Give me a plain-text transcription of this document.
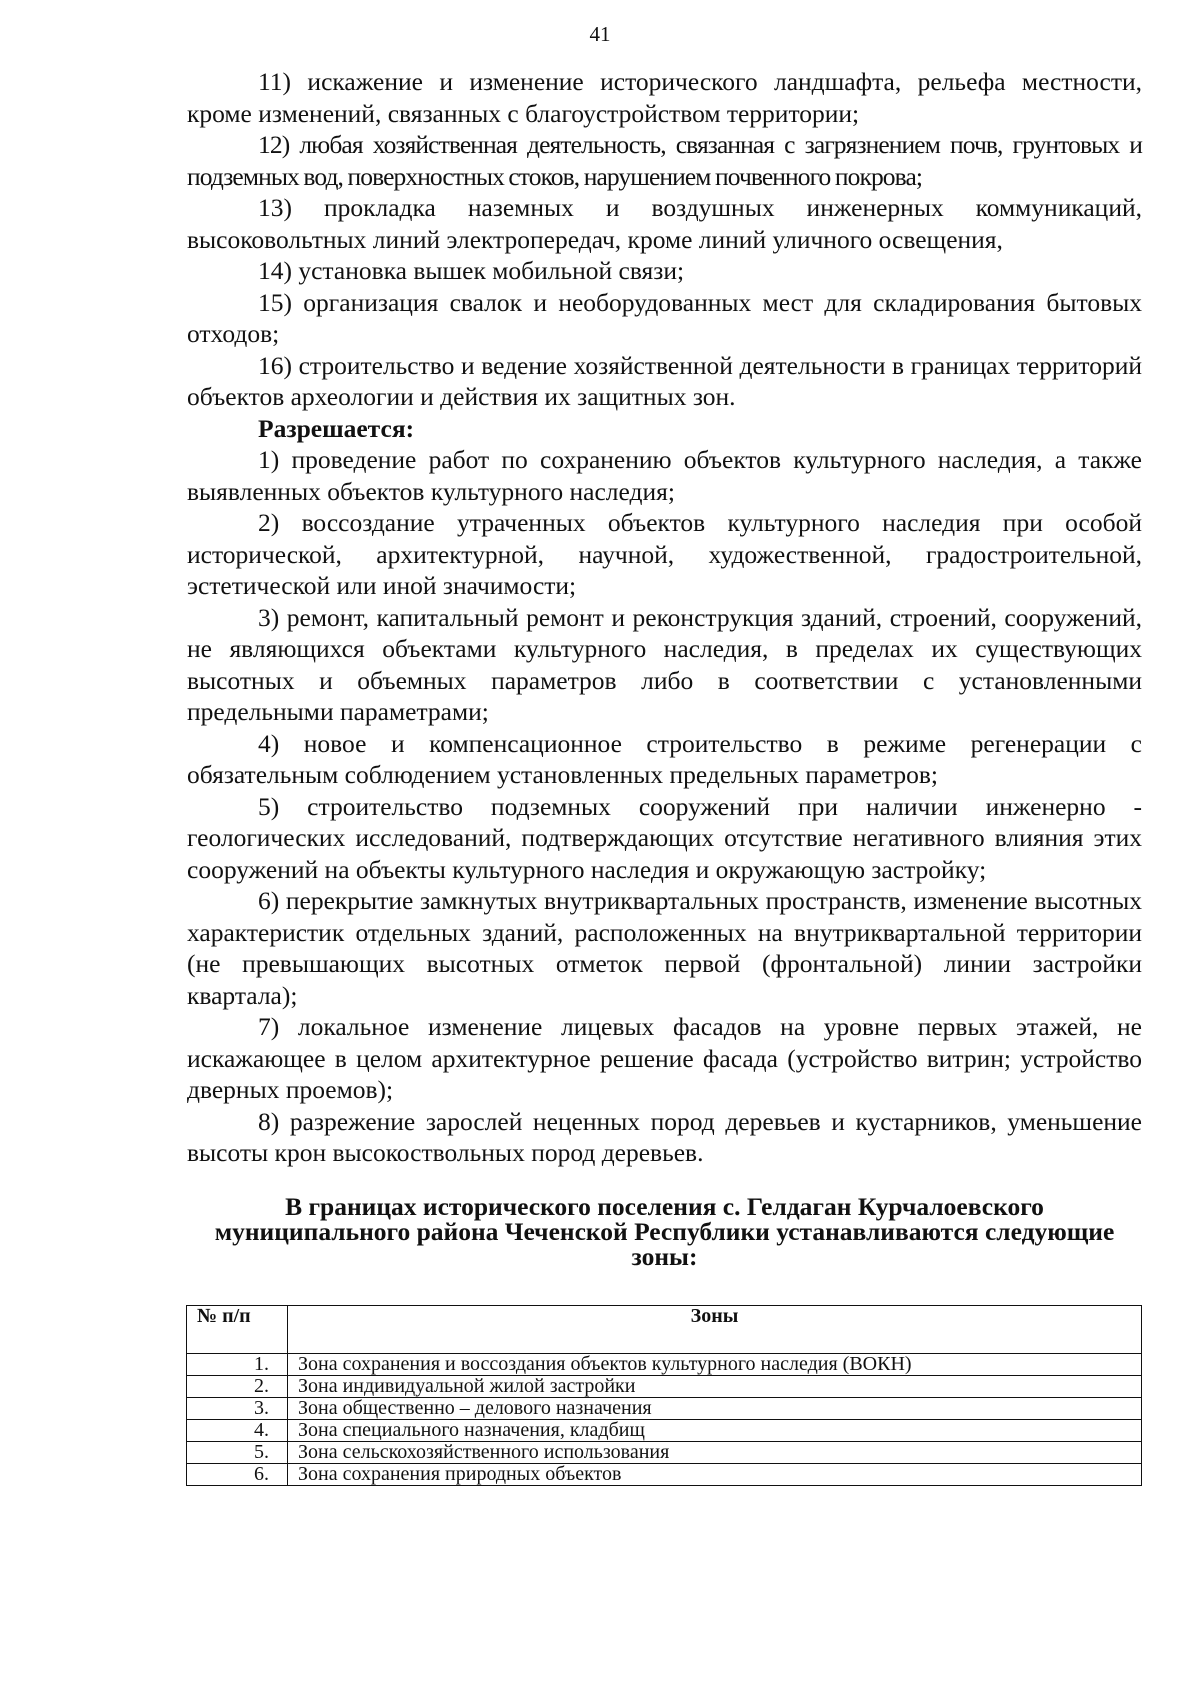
41

11) искажение и изменение исторического ландшафта, рельефа местности, кроме изменений, связанных с благоустройством территории;

12) любая хозяйственная деятельность, связанная с загрязнением почв, грунтовых и подземных вод, поверхностных стоков, нарушением почвенного покрова;

13) прокладка наземных и воздушных инженерных коммуникаций, высоковольтных линий электропередач, кроме линий уличного освещения,

14) установка вышек мобильной связи;

15) организация свалок и необорудованных мест для складирования бытовых отходов;

16) строительство и ведение хозяйственной деятельности в границах территорий объектов археологии и действия их защитных зон.

Разрешается:

1) проведение работ по сохранению объектов культурного наследия, а также выявленных объектов культурного наследия;

2) воссоздание утраченных объектов культурного наследия при особой исторической, архитектурной, научной, художественной, градостроительной, эстетической или иной значимости;

3) ремонт, капитальный ремонт и реконструкция зданий, строений, сооружений, не являющихся объектами культурного наследия, в пределах их существующих высотных и объемных параметров либо в соответствии с установленными предельными параметрами;

4) новое и компенсационное строительство в режиме регенерации с обязательным соблюдением установленных предельных параметров;

5) строительство подземных сооружений при наличии инженерно - геологических исследований, подтверждающих отсутствие негативного влияния этих сооружений на объекты культурного наследия и окружающую застройку;

6) перекрытие замкнутых внутриквартальных пространств, изменение высотных характеристик отдельных зданий, расположенных на внутриквартальной территории (не превышающих высотных отметок первой (фронтальной) линии застройки квартала);

7) локальное изменение лицевых фасадов на уровне первых этажей, не искажающее в целом архитектурное решение фасада (устройство витрин; устройство дверных проемов);

8) разрежение зарослей неценных пород деревьев и кустарников, уменьшение высоты крон высокоствольных пород деревьев.

В границах исторического поселения с. Гелдаган Курчалоевского муниципального района Чеченской Республики устанавливаются следующие зоны:
№ п/п	Зоны
1.	Зона сохранения и воссоздания объектов культурного наследия (ВОКН)
2.	Зона индивидуальной жилой застройки
3.	Зона общественно – делового назначения
4.	Зона специального назначения, кладбищ
5.	Зона сельскохозяйственного использования
6.	Зона сохранения природных объектов
